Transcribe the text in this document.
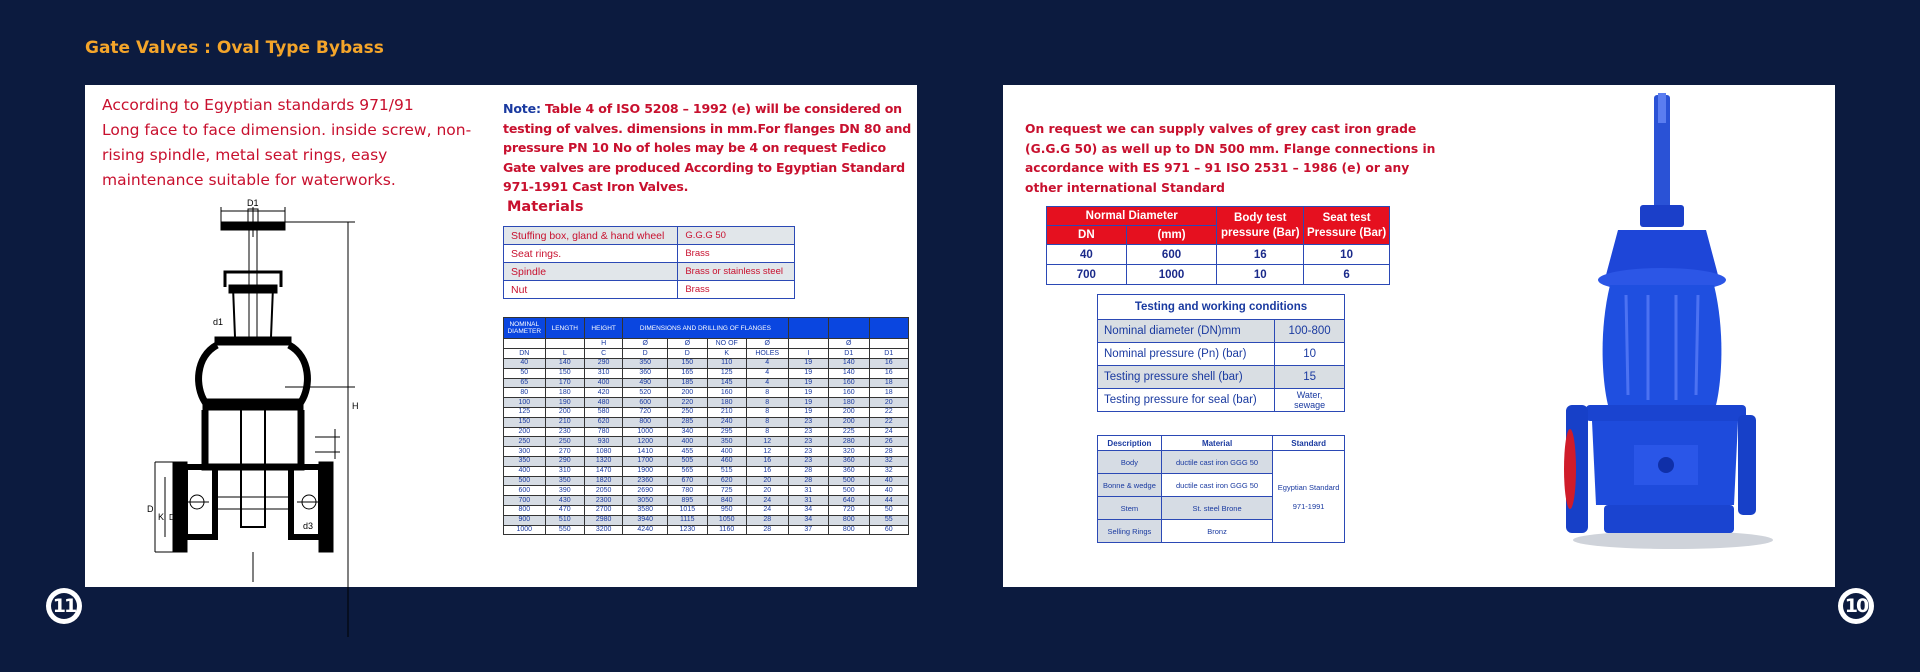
Gate Valves : Oval Type Bybass
According to Egyptian standards 971/91
Long face to face dimension. inside screw, non-rising spindle, metal seat rings, easy maintenance suitable for waterworks.
Note: Table 4 of ISO 5208 – 1992 (e) will be considered on testing of valves. dimensions in mm.For flanges DN 80 and pressure PN 10 No of holes may be 4 on request Fedico Gate valves are produced According to Egyptian Standard 971-1991 Cast Iron Valves.
Materials
Stuffing box, gland & hand wheel	G.G.G 50
Seat rings.	Brass
Spindle	Brass or stainless steel
Nut	Brass
D1
d1
H
D
K DN
d3
NOMINAL DIAMETER	LENGTH	HEIGHT	DIMENSIONS AND DRILLING OF FLANGES						
		H	Ø	Ø	NO OF	Ø		Ø	
DN	L	C	D	D	K	HOLES	I	D1	D1
40	140	290	350	150	110	4	19	140	16
50	150	310	360	165	125	4	19	140	16
65	170	400	490	185	145	4	19	160	18
80	180	420	520	200	160	8	19	160	18
100	190	480	600	220	180	8	19	180	20
125	200	580	720	250	210	8	19	200	22
150	210	620	800	285	240	8	23	200	22
200	230	780	1000	340	295	8	23	225	24
250	250	930	1200	400	350	12	23	280	26
300	270	1080	1410	455	400	12	23	320	28
350	290	1320	1700	505	460	16	23	360	32
400	310	1470	1900	565	515	16	28	360	32
500	350	1820	2360	670	620	20	28	500	40
600	390	2050	2690	780	725	20	31	500	40
700	430	2300	3050	895	840	24	31	640	44
800	470	2700	3580	1015	950	24	34	720	50
900	510	2980	3940	1115	1050	28	34	800	55
1000	550	3200	4240	1230	1160	28	37	800	60
On request we can supply valves of grey cast iron grade (G.G.G 50) as well up to DN 500 mm. Flange connections in accordance with ES 971 – 91 ISO 2531 – 1986 (e) or any other international Standard
Normal Diameter		Body test pressure (Bar)	Seat test Pressure (Bar)
DN	(mm)		
40	600	16	10
700	1000	10	6
Testing and working conditions	
Nominal diameter (DN)mm	100-800
Nominal pressure (Pn) (bar)	10
Testing pressure shell (bar)	15
Testing pressure for seal (bar)	Water, sewage
Description	Material	Standard
Body	ductile cast iron GGG 50	Egyptian Standard 971-1991
Bonne & wedge	ductile cast iron GGG 50	
Stem	St. steel Brone	
Selling Rings	Bronz	
11	10
